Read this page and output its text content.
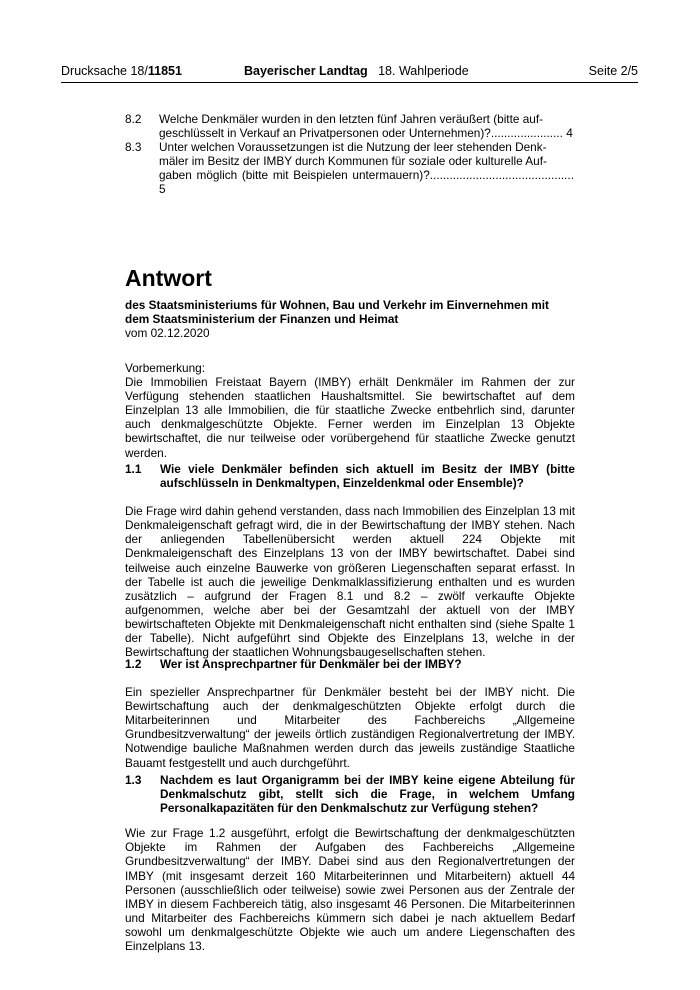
Drucksache 18/11851	Bayerischer Landtag 18. Wahlperiode	Seite 2/5
8.2 Welche Denkmäler wurden in den letzten fünf Jahren veräußert (bitte auf-
geschlüsselt in Verkauf an Privatpersonen oder Unternehmen)?...................... 4
8.3 Unter welchen Voraussetzungen ist die Nutzung der leer stehenden Denk-
mäler im Besitz der IMBY durch Kommunen für soziale oder kulturelle Auf-
gaben möglich (bitte mit Beispielen untermauern)?............................................ 5
Antwort
des Staatsministeriums für Wohnen, Bau und Verkehr im Einvernehmen mit dem Staatsministerium der Finanzen und Heimat
vom 02.12.2020
Vorbemerkung:

Die Immobilien Freistaat Bayern (IMBY) erhält Denkmäler im Rahmen der zur Verfügung stehenden staatlichen Haushaltsmittel. Sie bewirtschaftet auf dem Einzelplan 13 alle Immobilien, die für staatliche Zwecke entbehrlich sind, darunter auch denkmalgeschützte Objekte. Ferner werden im Einzelplan 13 Objekte bewirtschaftet, die nur teilweise oder vorübergehend für staatliche Zwecke genutzt werden.

1.1 Wie viele Denkmäler befinden sich aktuell im Besitz der IMBY (bitte aufschlüsseln in Denkmaltypen, Einzeldenkmal oder Ensemble)?

Die Frage wird dahin gehend verstanden, dass nach Immobilien des Einzelplan 13 mit Denkmaleigenschaft gefragt wird, die in der Bewirtschaftung der IMBY stehen. Nach der anliegenden Tabellenübersicht werden aktuell 224 Objekte mit Denkmaleigenschaft des Einzelplans 13 von der IMBY bewirtschaftet. Dabei sind teilweise auch einzelne Bauwerke von größeren Liegenschaften separat erfasst. In der Tabelle ist auch die jeweilige Denkmalklassifizierung enthalten und es wurden zusätzlich – aufgrund der Fragen 8.1 und 8.2 – zwölf verkaufte Objekte aufgenommen, welche aber bei der Gesamtzahl der aktuell von der IMBY bewirtschafteten Objekte mit Denkmaleigenschaft nicht enthalten sind (siehe Spalte 1 der Tabelle). Nicht aufgeführt sind Objekte des Einzelplans 13, welche in der Bewirtschaftung der staatlichen Wohnungsbaugesellschaften stehen.

1.2 Wer ist Ansprechpartner für Denkmäler bei der IMBY?

Ein spezieller Ansprechpartner für Denkmäler besteht bei der IMBY nicht. Die Bewirtschaftung auch der denkmalgeschützten Objekte erfolgt durch die Mitarbeiterinnen und Mitarbeiter des Fachbereichs „Allgemeine Grundbesitzverwaltung“ der jeweils örtlich zuständigen Regionalvertretung der IMBY. Notwendige bauliche Maßnahmen werden durch das jeweils zuständige Staatliche Bauamt festgestellt und auch durchgeführt.

1.3 Nachdem es laut Organigramm bei der IMBY keine eigene Abteilung für Denkmalschutz gibt, stellt sich die Frage, in welchem Umfang Personalkapazitäten für den Denkmalschutz zur Verfügung stehen?

Wie zur Frage 1.2 ausgeführt, erfolgt die Bewirtschaftung der denkmalgeschützten Objekte im Rahmen der Aufgaben des Fachbereichs „Allgemeine Grundbesitzverwaltung“ der IMBY. Dabei sind aus den Regionalvertretungen der IMBY (mit insgesamt derzeit 160 Mitarbeiterinnen und Mitarbeitern) aktuell 44 Personen (ausschließlich oder teilweise) sowie zwei Personen aus der Zentrale der IMBY in diesem Fachbereich tätig, also insgesamt 46 Personen. Die Mitarbeiterinnen und Mitarbeiter des Fachbereichs kümmern sich dabei je nach aktuellem Bedarf sowohl um denkmalgeschützte Objekte wie auch um andere Liegenschaften des Einzelplans 13.
